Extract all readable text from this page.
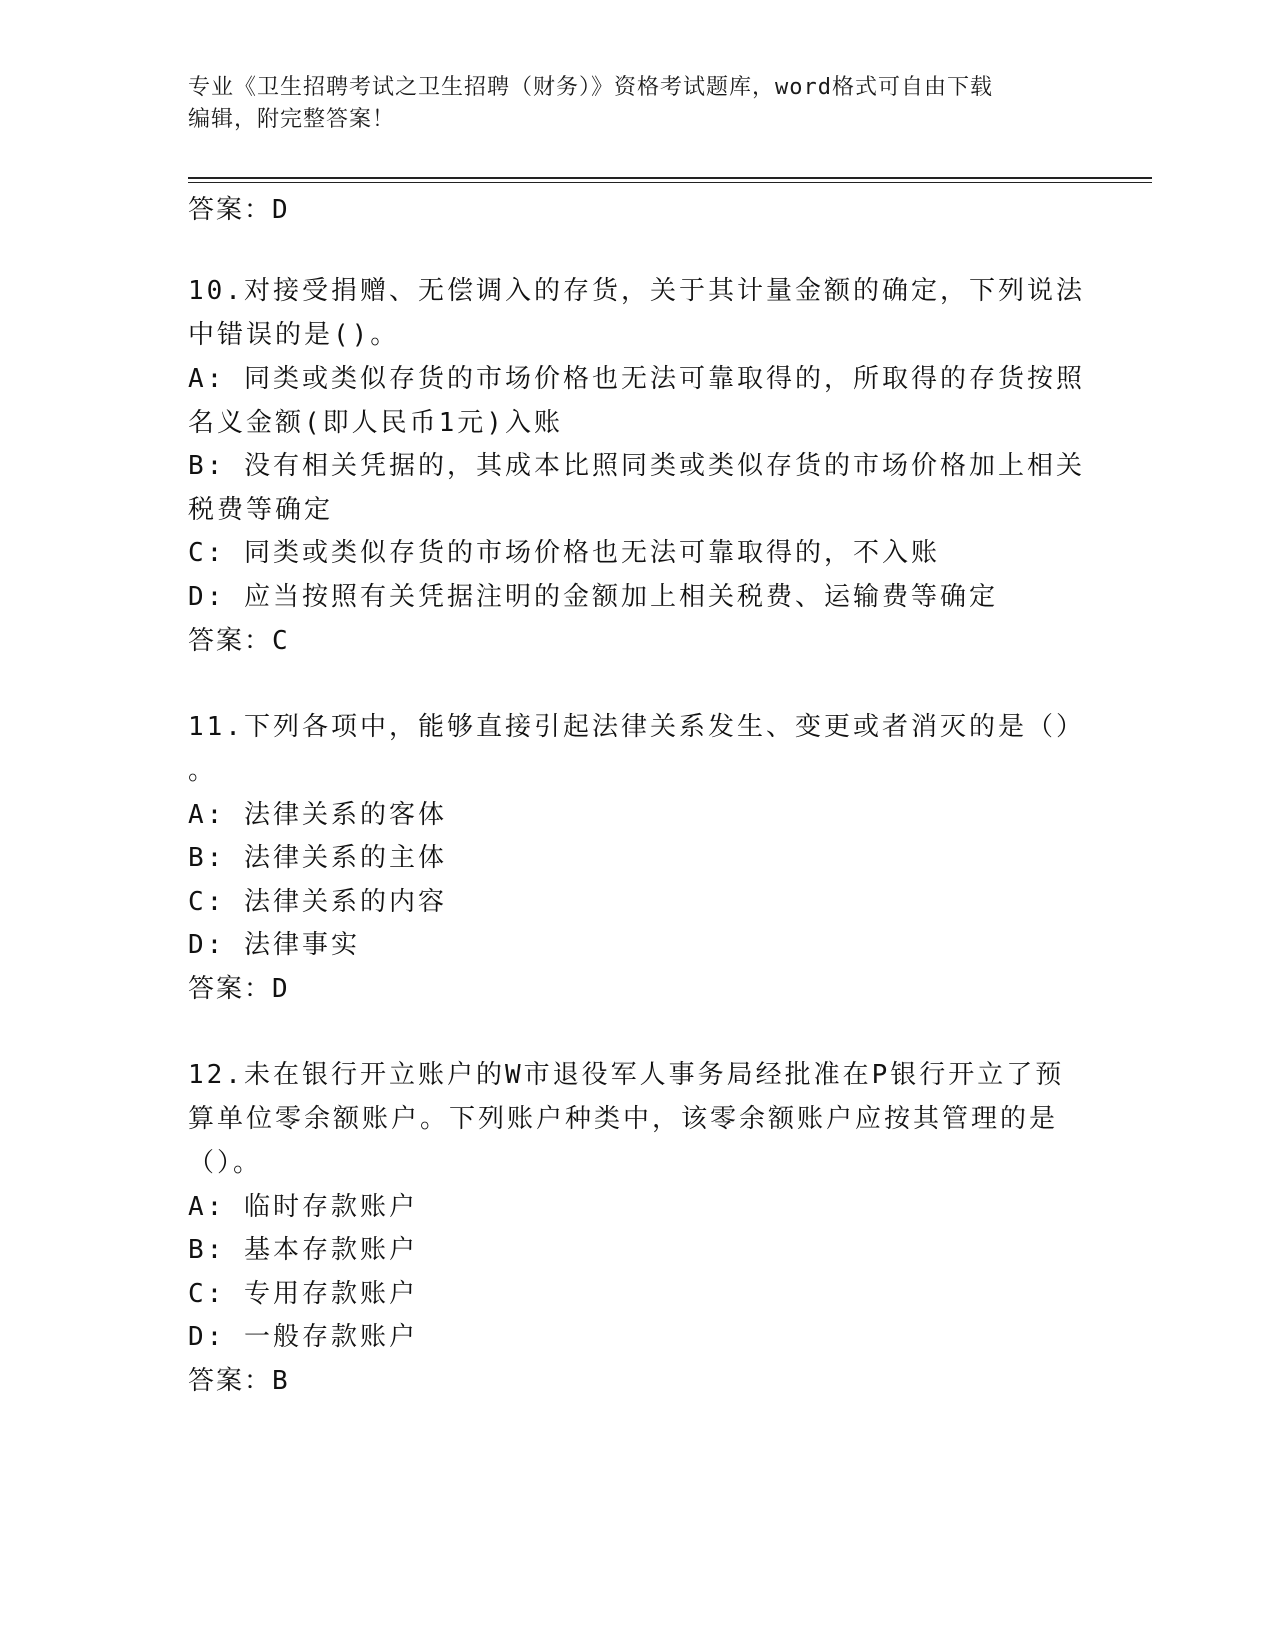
专业《卫生招聘考试之卫生招聘（财务）》资格考试题库，word格式可自由下载
编辑，附完整答案！
答案：D
10.对接受捐赠、无偿调入的存货，关于其计量金额的确定，下列说法
中错误的是()。
A: 同类或类似存货的市场价格也无法可靠取得的，所取得的存货按照
名义金额(即人民币1元)入账
B: 没有相关凭据的，其成本比照同类或类似存货的市场价格加上相关
税费等确定
C: 同类或类似存货的市场价格也无法可靠取得的，不入账
D: 应当按照有关凭据注明的金额加上相关税费、运输费等确定
答案：C
11.下列各项中，能够直接引起法律关系发生、变更或者消灭的是（）
。
A: 法律关系的客体
B: 法律关系的主体
C: 法律关系的内容
D: 法律事实
答案：D
12.未在银行开立账户的W市退役军人事务局经批准在P银行开立了预
算单位零余额账户。下列账户种类中，该零余额账户应按其管理的是
（）。
A: 临时存款账户
B: 基本存款账户
C: 专用存款账户
D: 一般存款账户
答案：B
